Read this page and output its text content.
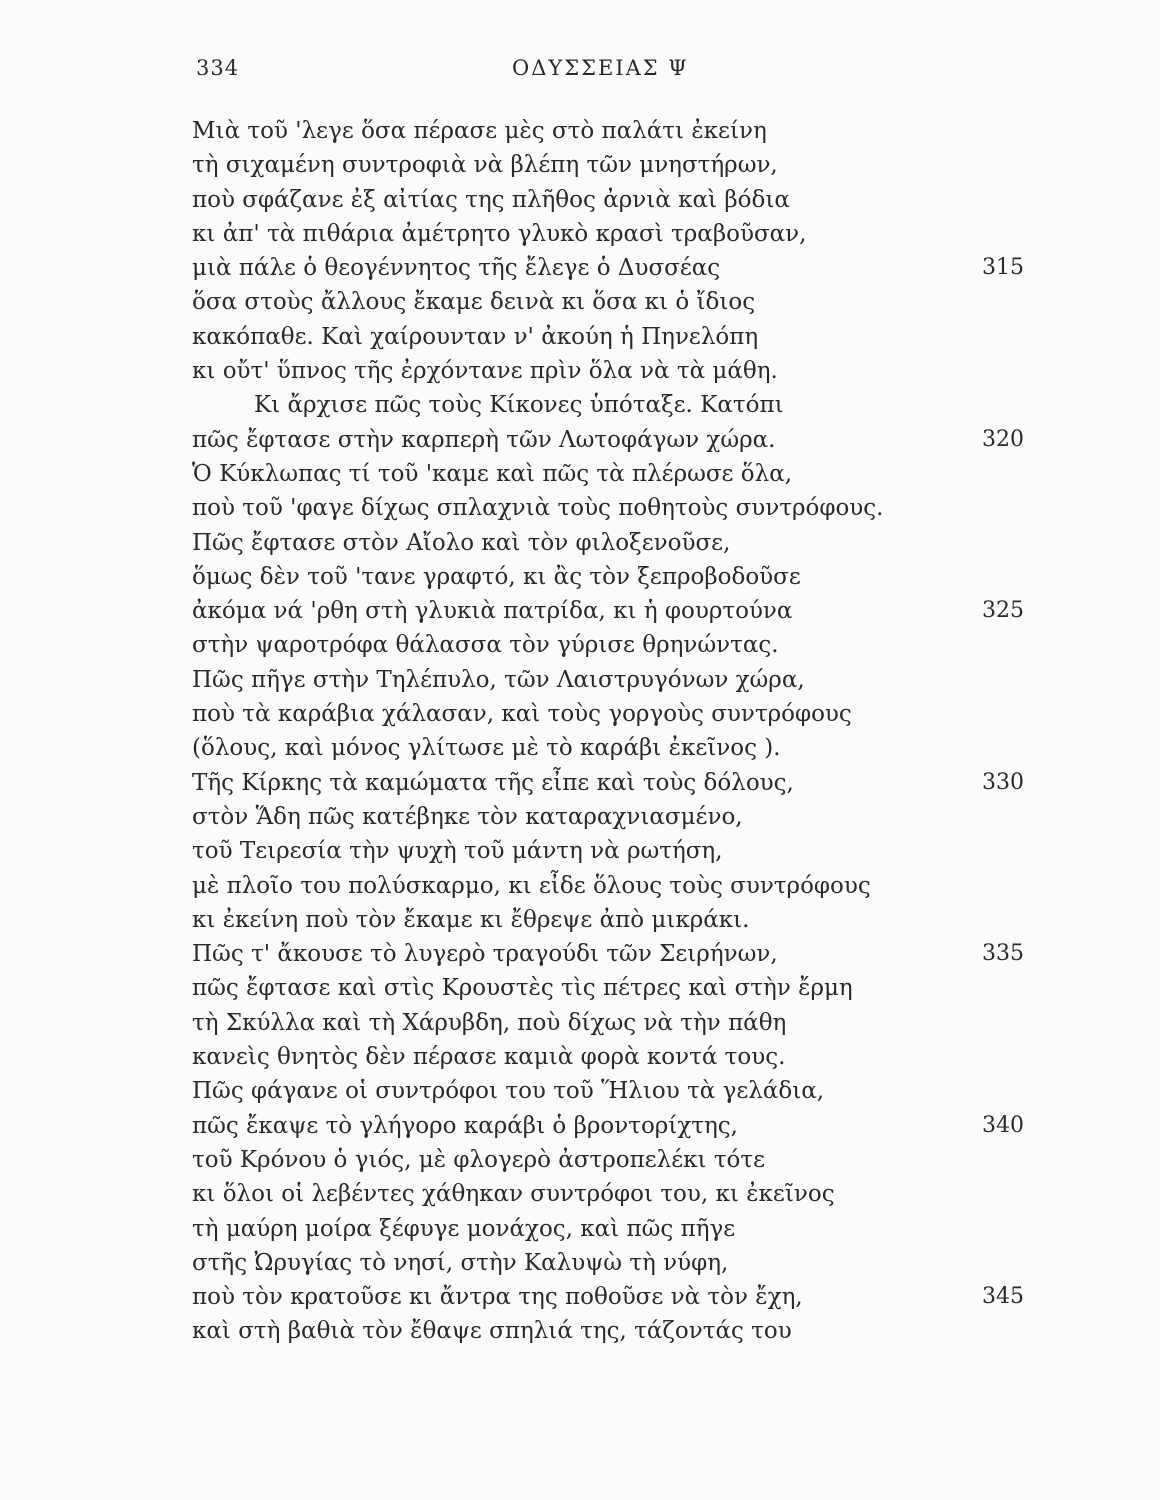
334	ΟΔΥΣΣΕΙΑΣ Ψ
Μιὰ τοῦ 'λεγε ὅσα πέρασε μὲς στὸ παλάτι ἐκείνη
τὴ σιχαμένη συντροφιὰ νὰ βλέπη τῶν μνηστήρων,
ποὺ σφάζανε ἐξ αἰτίας της πλῆθος ἀρνιὰ καὶ βόδια
κι ἀπ' τὰ πιθάρια ἀμέτρητο γλυκὸ κρασὶ τραβοῦσαν,
μιὰ πάλε ὁ θεογέννητος τῆς ἔλεγε ὁ Δυσσέας	315
ὅσα στοὺς ἄλλους ἔκαμε δεινὰ κι ὅσα κι ὁ ἴδιος
κακόπαθε. Καὶ χαίρουνταν ν' ἀκούη ἡ Πηνελόπη
κι οὔτ' ὕπνος τῆς ἐρχόντανε πρὶν ὅλα νὰ τὰ μάθη.
Κι ἄρχισε πῶς τοὺς Κίκονες ὑπόταξε. Κατόπι
πῶς ἔφτασε στὴν καρπερὴ τῶν Λωτοφάγων χώρα.	320
Ὁ Κύκλωπας τί τοῦ 'καμε καὶ πῶς τὰ πλέρωσε ὅλα,
ποὺ τοῦ 'φαγε δίχως σπλαχνιὰ τοὺς ποθητοὺς συντρόφους.
Πῶς ἔφτασε στὸν Αἴολο καὶ τὸν φιλοξενοῦσε,
ὅμως δὲν τοῦ 'τανε γραφτό, κι ἂς τὸν ξεπροβοδοῦσε
ἀκόμα νά 'ρθη στὴ γλυκιὰ πατρίδα, κι ἡ φουρτούνα	325
στὴν ψαροτρόφα θάλασσα τὸν γύρισε θρηνώντας.
Πῶς πῆγε στὴν Τηλέπυλο, τῶν Λαιστρυγόνων χώρα,
ποὺ τὰ καράβια χάλασαν, καὶ τοὺς γοργοὺς συντρόφους
(ὅλους, καὶ μόνος γλίτωσε μὲ τὸ καράβι ἐκεῖνος ).
Τῆς Κίρκης τὰ καμώματα τῆς εἶπε καὶ τοὺς δόλους,	330
στὸν Ἅδη πῶς κατέβηκε τὸν καταραχνιασμένο,
τοῦ Τειρεσία τὴν ψυχὴ τοῦ μάντη νὰ ρωτήση,
μὲ πλοῖο του πολύσκαρμο, κι εἶδε ὅλους τοὺς συντρόφους
κι ἐκείνη ποὺ τὸν ἔκαμε κι ἔθρεψε ἀπὸ μικράκι.
Πῶς τ' ἄκουσε τὸ λυγερὸ τραγούδι τῶν Σειρήνων,	335
πῶς ἔφτασε καὶ στὶς Κρουστὲς τὶς πέτρες καὶ στὴν ἔρμη
τὴ Σκύλλα καὶ τὴ Χάρυβδη, ποὺ δίχως νὰ τὴν πάθη
κανεὶς θνητὸς δὲν πέρασε καμιὰ φορὰ κοντά τους.
Πῶς φάγανε οἱ συντρόφοι του τοῦ Ἥλιου τὰ γελάδια,
πῶς ἔκαψε τὸ γλήγορο καράβι ὁ βροντορίχτης,	340
τοῦ Κρόνου ὁ γιός, μὲ φλογερὸ ἀστροπελέκι τότε
κι ὅλοι οἱ λεβέντες χάθηκαν συντρόφοι του, κι ἐκεῖνος
τὴ μαύρη μοίρα ξέφυγε μονάχος, καὶ πῶς πῆγε
στῆς Ὠρυγίας τὸ νησί, στὴν Καλυψὼ τὴ νύφη,
ποὺ τὸν κρατοῦσε κι ἄντρα της ποθοῦσε νὰ τὸν ἔχη,	345
καὶ στὴ βαθιὰ τὸν ἔθαψε σπηλιά της, τάζοντάς του
